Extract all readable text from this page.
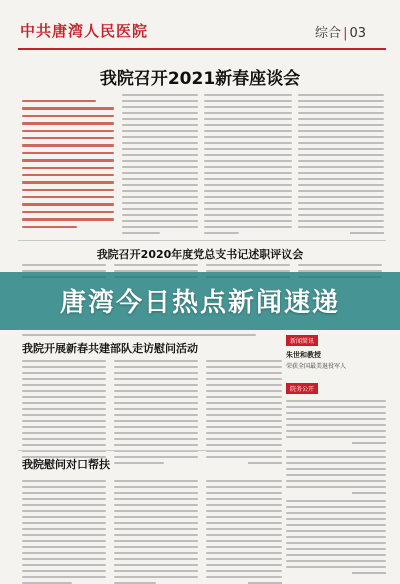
中共唐湾人民医院	综合 | 03
我院召开2021新春座谈会
我院召开2020年度党总支书记述职评议会
唐湾今日热点新闻速递
我院开展新春共建部队走访慰问活动
我院慰问对口帮扶
新闻简讯
朱世和教授
荣获全国最美退役军人
院务公开
